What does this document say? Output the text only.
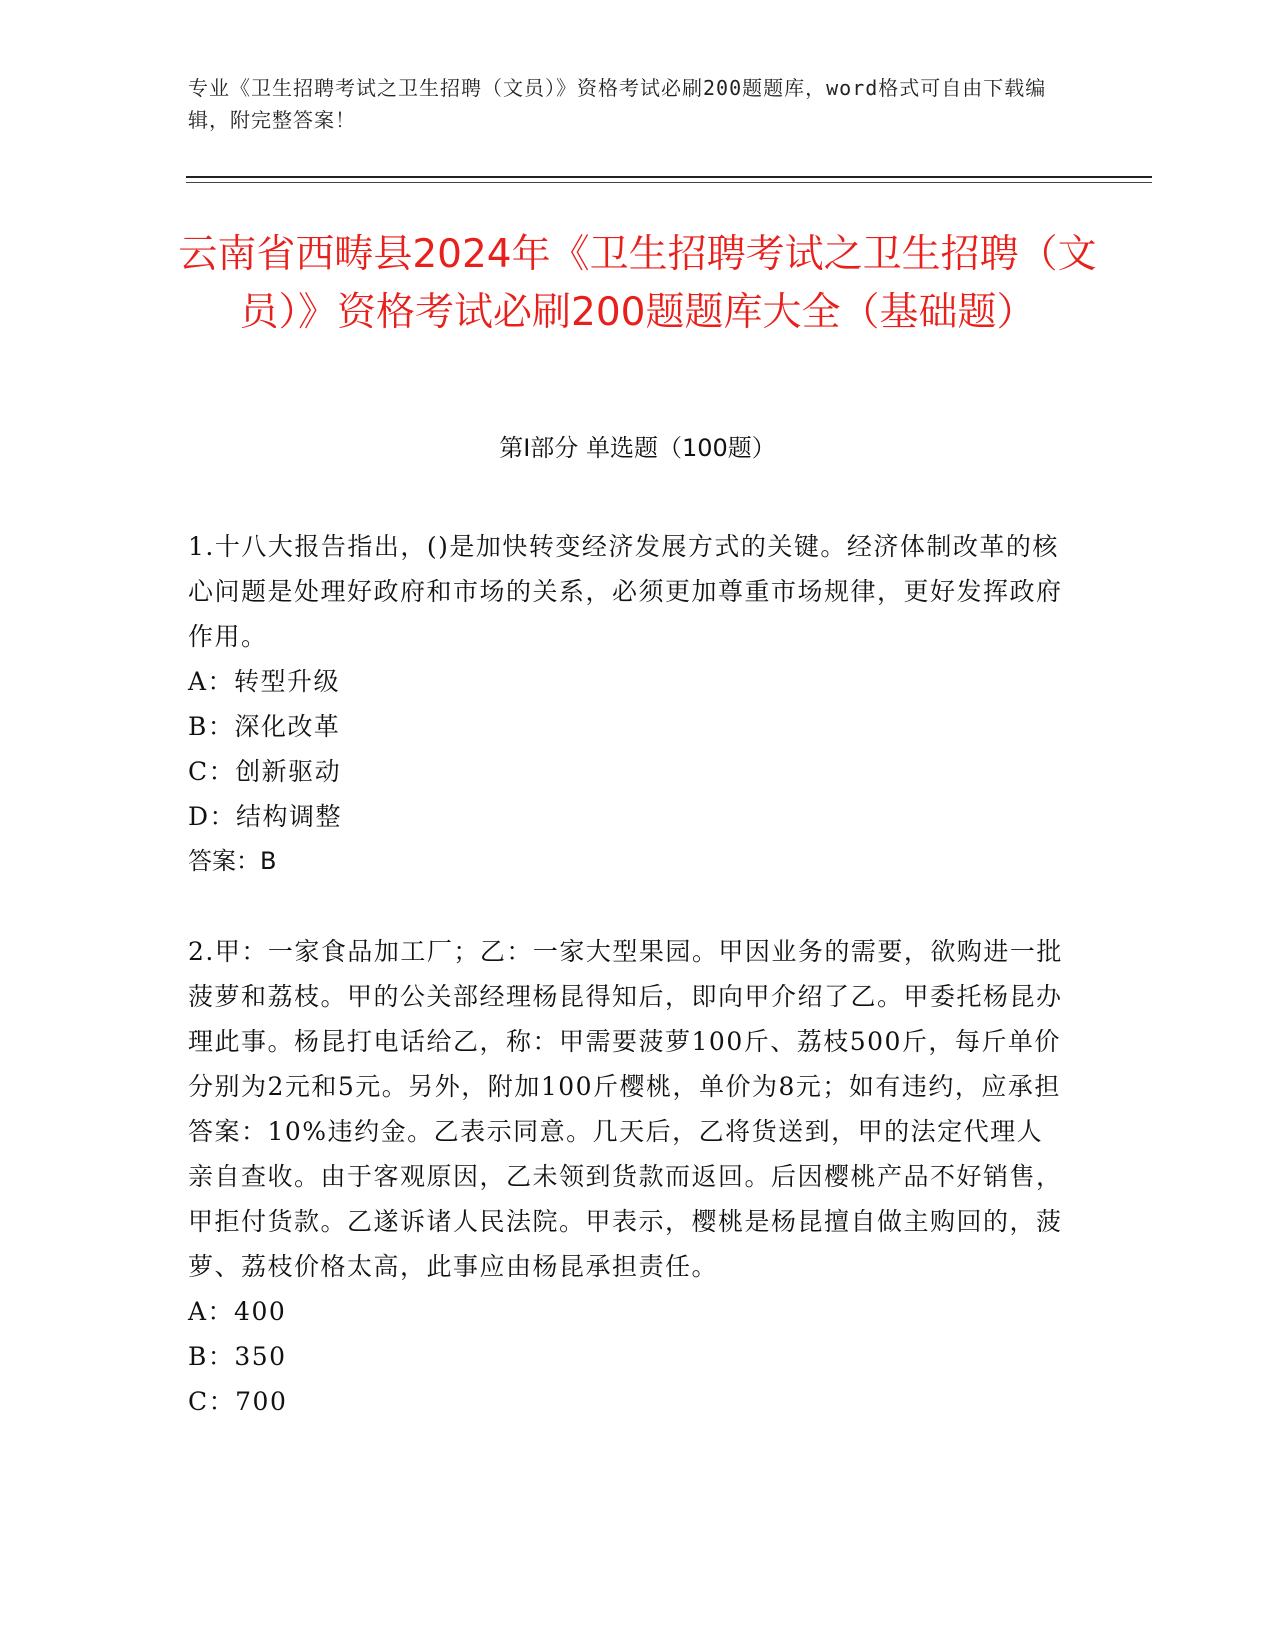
专业《卫生招聘考试之卫生招聘（文员）》资格考试必刷200题题库，word格式可自由下载编辑，附完整答案！
云南省西畴县2024年《卫生招聘考试之卫生招聘（文员）》资格考试必刷200题题库大全（基础题）
第I部分 单选题（100题）

1.十八大报告指出，()是加快转变经济发展方式的关键。经济体制改革的核心问题是处理好政府和市场的关系，必须更加尊重市场规律，更好发挥政府作用。

A：转型升级

B：深化改革

C：创新驱动

D：结构调整

答案：B

2.甲：一家食品加工厂；乙：一家大型果园。甲因业务的需要，欲购进一批菠萝和荔枝。甲的公关部经理杨昆得知后，即向甲介绍了乙。甲委托杨昆办理此事。杨昆打电话给乙，称：甲需要菠萝100斤、荔枝500斤，每斤单价分别为2元和5元。另外，附加100斤樱桃，单价为8元；如有违约，应承担答案：10%违约金。乙表示同意。几天后，乙将货送到，甲的法定代理人亲自查收。由于客观原因，乙未领到货款而返回。后因樱桃产品不好销售，甲拒付货款。乙遂诉诸人民法院。甲表示，樱桃是杨昆擅自做主购回的，菠萝、荔枝价格太高，此事应由杨昆承担责任。

A：400

B：350

C：700
